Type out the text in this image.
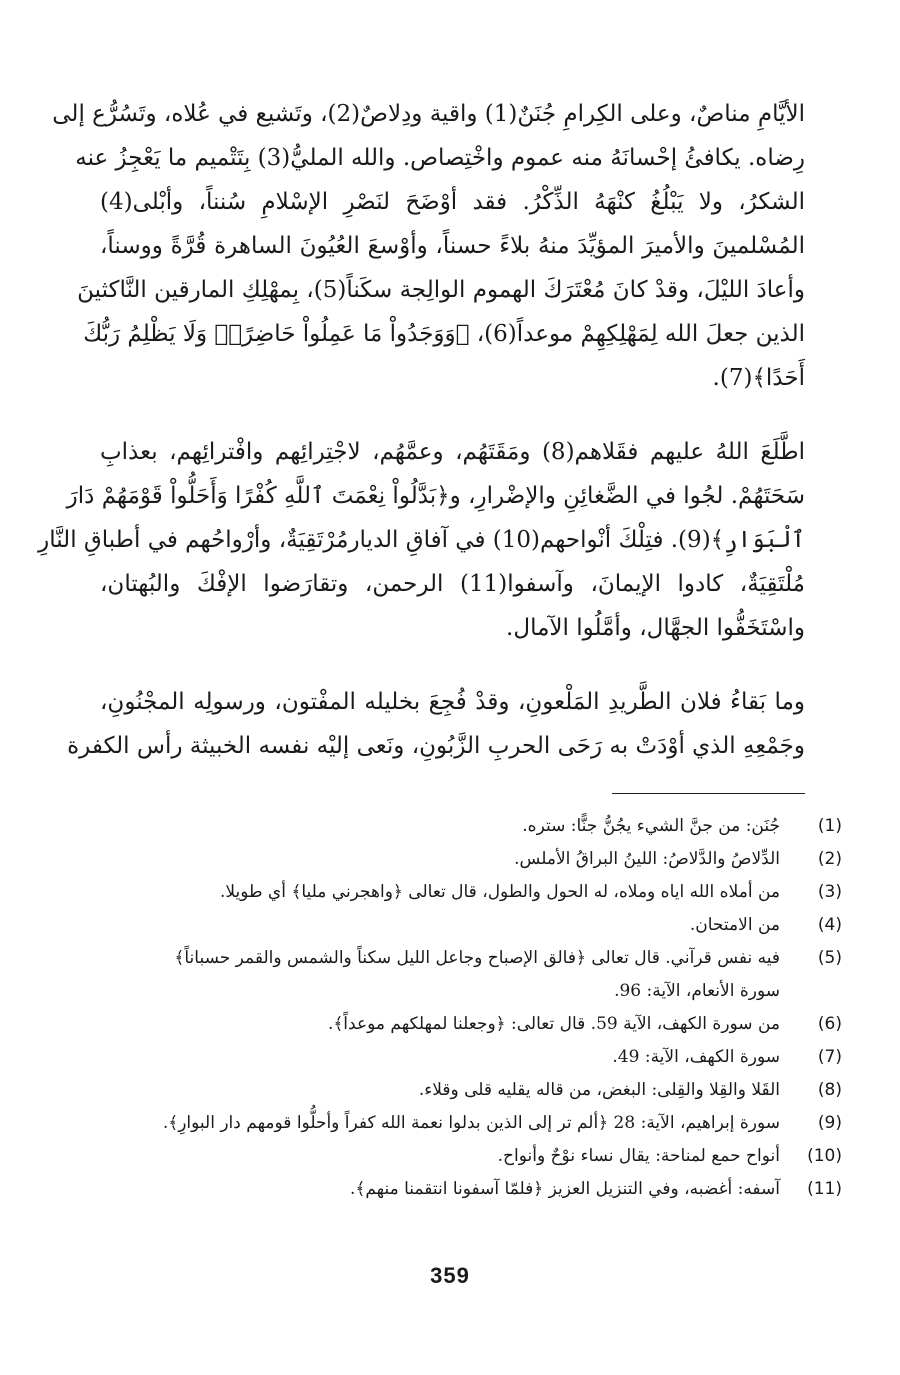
الأيَّامِ مناصٌ، وعلى الكِرامِ جُنَنٌ(1) واقية ودِلاصٌ(2)، وتَشيع في عُلاه، وتَسُرُّع إلى
رِضاه. يكافئُ إحْسانَهُ منه عموم واخْتِصاص. والله المليُّ(3) بِتَتْميم ما يَعْجِزُ عنه
الشكرُ، ولا يَبْلُغُ كنْهَهُ الذِّكْرُ. فقد أوْضَحَ لنَصْرِ الإسْلامِ سُنناً، وأبْلى(4)
المُسْلمينَ والأميرَ المؤيِّدَ منهُ بلاءً حسناً، وأوْسعَ العُيُونَ الساهرة قُرَّةً ووسناً،
وأعادَ الليْلَ، وقدْ كانَ مُعْتَرَكَ الهموم الوالِجة سكَناً(5)، بِمهْلِكِ المارقين النَّاكثينَ
الذين جعلَ الله لِمَهْلِكِهِمْ موعداً(6)، ﴿وَوَجَدُواْ مَا عَمِلُواْ حَاضِرًاۗ وَلَا يَظْلِمُ رَبُّكَ
أَحَدًا﴾(7).

اطَّلَعَ اللهُ عليهم فقَلاهم(8) ومَقَتَهُم، وعمَّهُم، لاجْتِرائِهم وافْترائِهم، بعذابِ
سَحَتَهُمْ. لجُوا في الضَّغائِنِ والإضْرارِ، و﴿بَدَّلُواْ نِعْمَتَ ٱللَّهِ كُفْرًا وَأَحَلُّواْ قَوْمَهُمْ دَارَ
ٱلْبَوَارِ﴾(9). فتِلْكَ أنْواحهم(10) في آفاقِ الديارمُرْتَقِيَةٌ، وأرْواحُهم في أطباقِ النَّارِ
مُلْتَقِيَةٌ، كادوا الإيمانَ، وآسفوا(11) الرحمن، وتقارَضوا الإفْكَ والبُهتان،
واسْتَخَفُّوا الجهَّال، وأمَّلُوا الآمال.

وما بَقاءُ فلان الطَّريدِ المَلْعونِ، وقدْ فُجِعَ بخليله المفْتون، ورسولِه المجْنُونِ،
وجَمْعِهِ الذي أوْدَتْ به رَحَى الحربِ الزَّبُونِ، ونَعى إليْه نفسه الخبيثة رأس الكفرة

(1)
جُنَن: من جنَّ الشيء يجُنُّ جنًّا: ستره.
(2)
الدِّلاصُ والدَّلاصُ: اللينُ البراقُ الأملس.
(3)
من أملاه الله اياه وملاه، له الحول والطول، قال تعالى ﴿واهجرني مليا﴾ أي طويلا.
(4)
من الامتحان.
(5)
فيه نفس قرآني. قال تعالى ﴿فالق الإصباح وجاعل الليل سكناً والشمس والقمر حسباناً﴾
سورة الأنعام، الآية: 96.
(6)
من سورة الكهف، الآية 59. قال تعالى: ﴿وجعلنا لمهلكهم موعداً﴾.
(7)
سورة الكهف، الآية: 49.
(8)
القَلا والقِلا والقِلى: البغض، من قاله يقليه قلى وقلاء.
(9)
سورة إبراهيم، الآية: 28 ﴿ألم تر إلى الذين بدلوا نعمة الله كفراً وأحلُّوا قومهم دار البوارِ﴾.
(10)
أنواح حمع لمناحة: يقال نساء نوْحٌ وأنواح.
(11)
آسفه: أغضبه، وفي التنزيل العزيز ﴿فلمّا آسفونا انتقمنا منهم﴾.
359
